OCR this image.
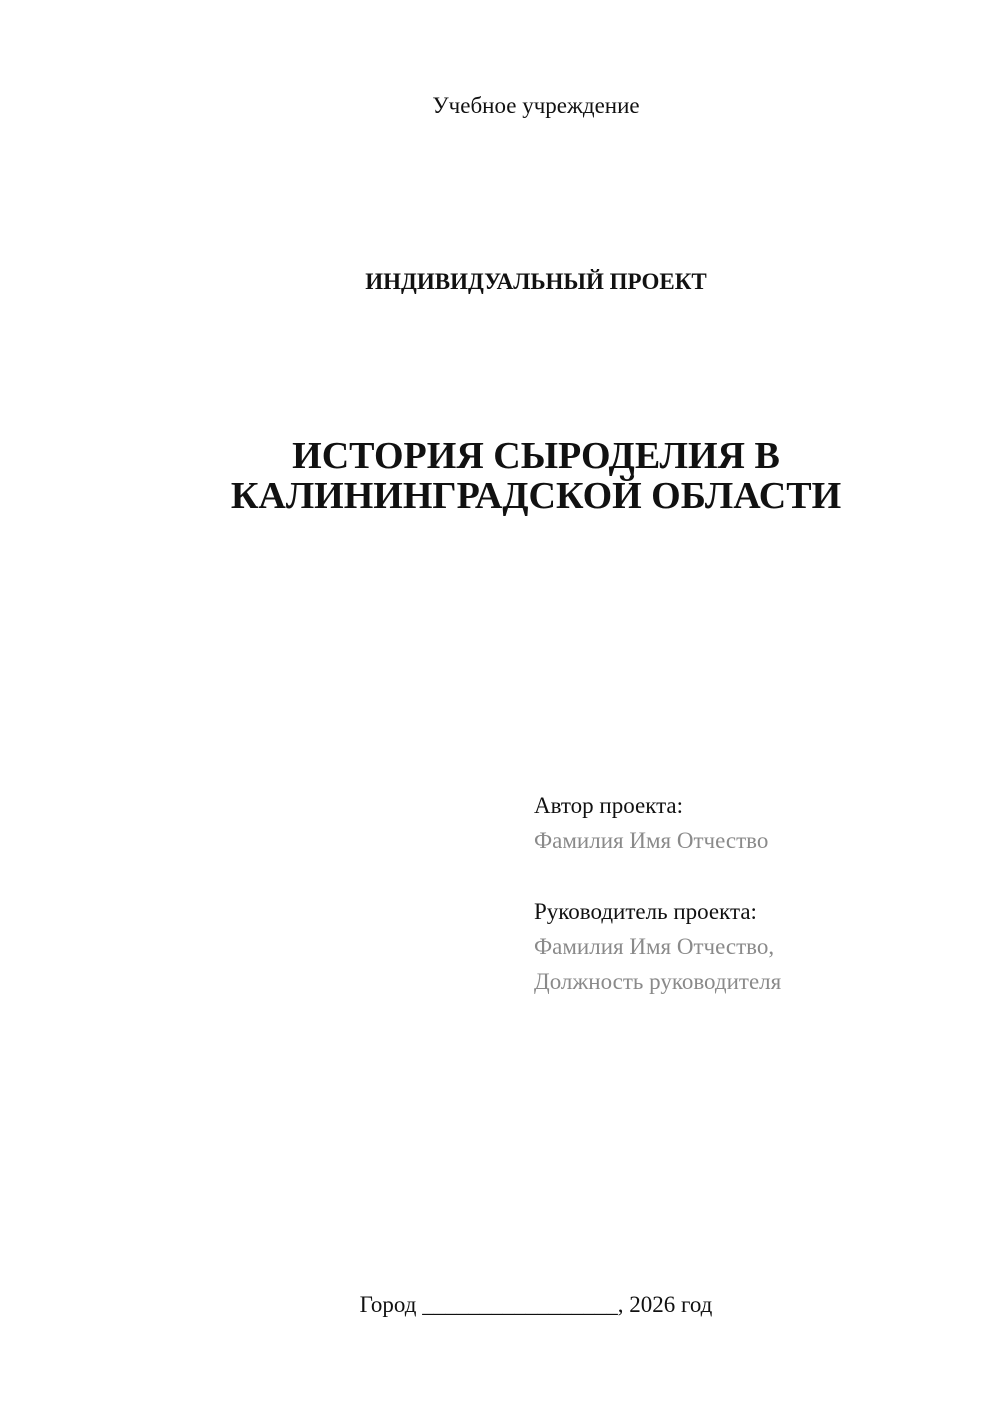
Учебное учреждение
ИНДИВИДУАЛЬНЫЙ ПРОЕКТ
ИСТОРИЯ СЫРОДЕЛИЯ В
КАЛИНИНГРАДСКОЙ ОБЛАСТИ
Автор проекта:
Фамилия Имя Отчество
Руководитель проекта:
Фамилия Имя Отчество,
Должность руководителя
Город _________________, 2026 год
